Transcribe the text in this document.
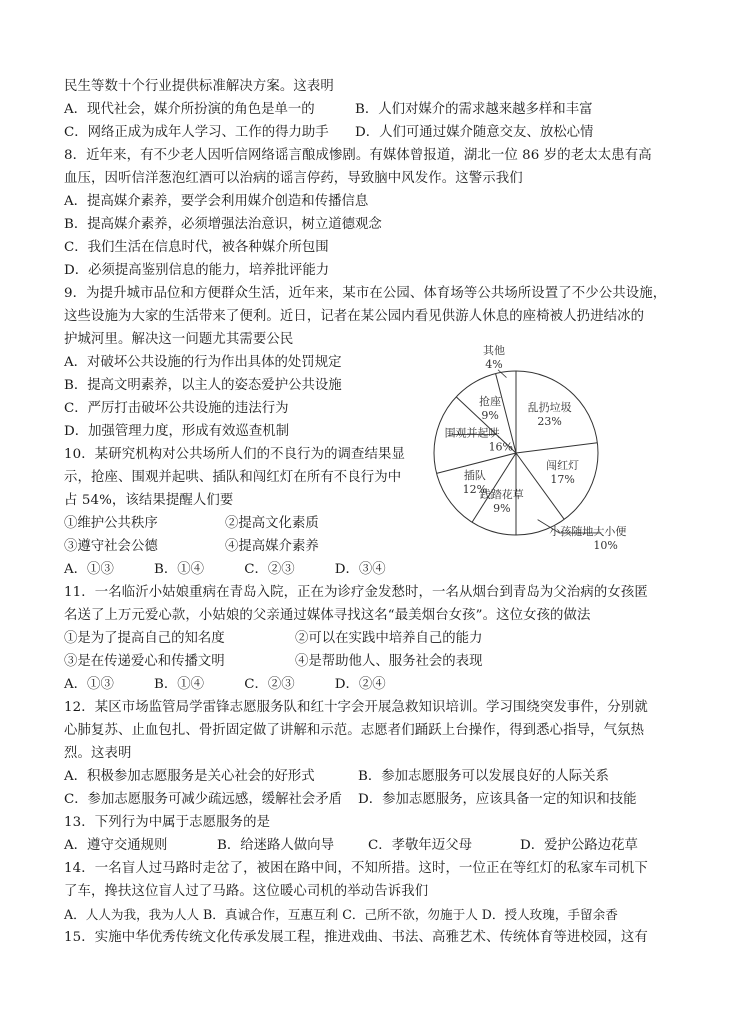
民生等数十个行业提供标准解决方案。这表明
A．现代社会，媒介所扮演的角色是单一的	B．人们对媒介的需求越来越多样和丰富
C．网络正成为成年人学习、工作的得力助手 D．人们可通过媒介随意交友、放松心情
8．近年来，有不少老人因听信网络谣言酿成惨剧。有媒体曾报道，湖北一位 86 岁的老太太患有高
血压，因听信洋葱泡红酒可以治病的谣言停药，导致脑中风发作。这警示我们
A．提高媒介素养，要学会利用媒介创造和传播信息
B．提高媒介素养，必须增强法治意识，树立道德观念
C．我们生活在信息时代，被各种媒介所包围
D．必须提高鉴别信息的能力，培养批评能力
9．为提升城市品位和方便群众生活，近年来，某市在公园、体育场等公共场所设置了不少公共设施，
这些设施为大家的生活带来了便利。近日，记者在某公园内看见供游人休息的座椅被人扔进结冰的
护城河里。解决这一问题尤其需要公民
A．对破坏公共设施的行为作出具体的处罚规定
B．提高文明素养，以主人的姿态爱护公共设施
C．严厉打击破坏公共设施的违法行为
D．加强管理力度，形成有效巡查机制
10．某研究机构对公共场所人们的不良行为的调查结果显
示，抢座、围观并起哄、插队和闯红灯在所有不良行为中
占 54%，该结果提醒人们要
①维护公共秩序	②提高文化素质
③遵守社会公德	④提高媒介素养
A．①③　　　B．①④　　　C．②③　　　D．③④
乱扔垃圾
23%
闯红灯
17%
小孩随地大小便
10%
践踏花草
9%
插队
12%
围观并起哄
16%
抢座
9%
其他
4%
11．一名临沂小姑娘重病在青岛入院，正在为诊疗金发愁时，一名从烟台到青岛为父治病的女孩匿
名送了上万元爱心款，小姑娘的父亲通过媒体寻找这名“最美烟台女孩”。这位女孩的做法
①是为了提高自己的知名度	②可以在实践中培养自己的能力
③是在传递爱心和传播文明	④是帮助他人、服务社会的表现
A．①③　　　B．①④　　　C．②③　　　D．②④
12．某区市场监管局学雷锋志愿服务队和红十字会开展急救知识培训。学习围绕突发事件，分别就
心肺复苏、止血包扎、骨折固定做了讲解和示范。志愿者们踊跃上台操作，得到悉心指导，气氛热
烈。这表明
A．积极参加志愿服务是关心社会的好形式	B．参加志愿服务可以发展良好的人际关系
C．参加志愿服务可减少疏远感，缓解社会矛盾 D．参加志愿服务，应该具备一定的知识和技能
13．下列行为中属于志愿服务的是
A．遵守交通规则	B．给迷路人做向导	C．孝敬年迈父母	D．爱护公路边花草
14．一名盲人过马路时走岔了，被困在路中间，不知所措。这时，一位正在等红灯的私家车司机下
了车，搀扶这位盲人过了马路。这位暖心司机的举动告诉我们
A．人人为我，我为人人 B．真诚合作，互惠互利 C．己所不欲，勿施于人 D．授人玫瑰，手留余香
15．实施中华优秀传统文化传承发展工程，推进戏曲、书法、高雅艺术、传统体育等进校园，这有
